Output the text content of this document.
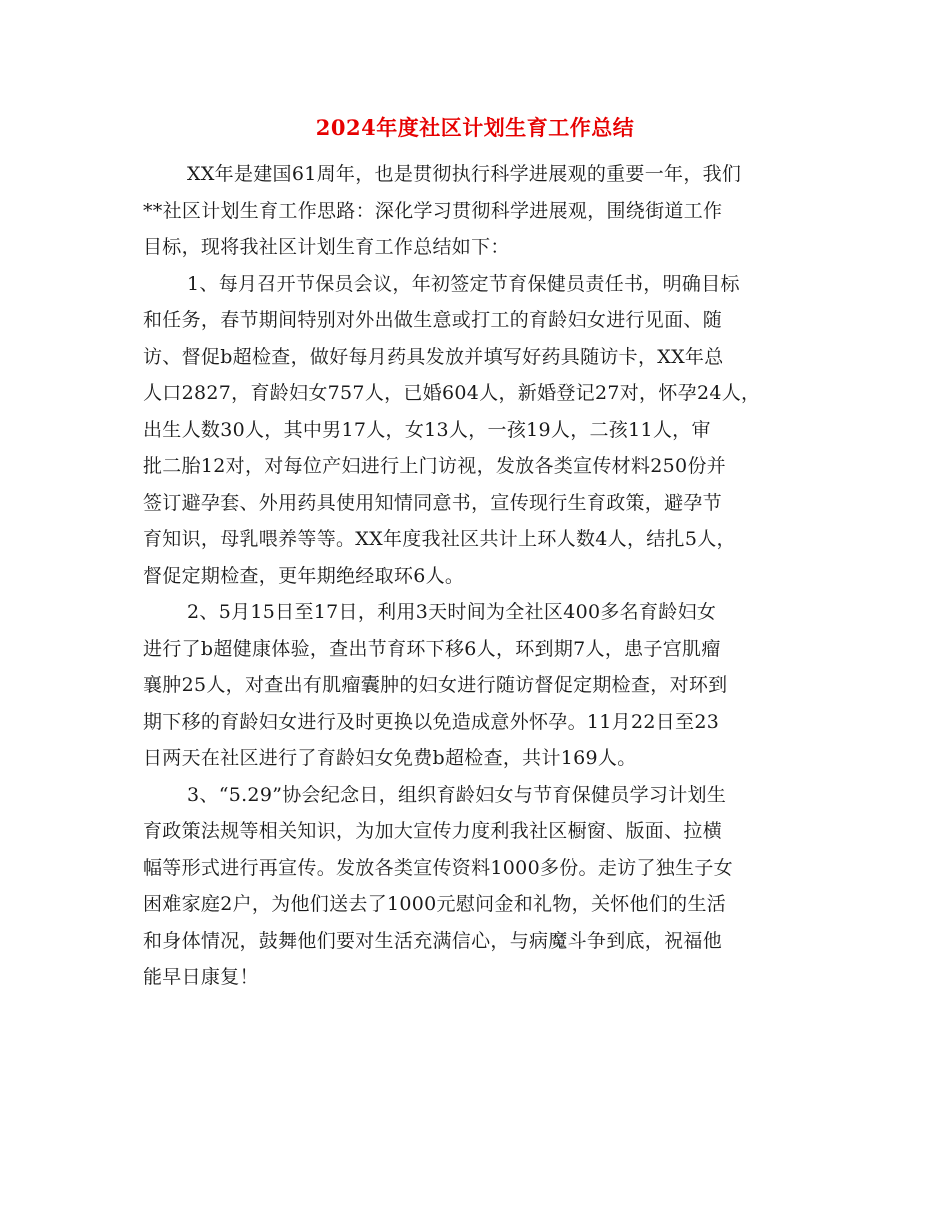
2024年度社区计划生育工作总结
XX年是建国61周年，也是贯彻执行科学进展观的重要一年，我们
**社区计划生育工作思路：深化学习贯彻科学进展观，围绕街道工作
目标，现将我社区计划生育工作总结如下：
1、每月召开节保员会议，年初签定节育保健员责任书，明确目标
和任务，春节期间特别对外出做生意或打工的育龄妇女进行见面、随
访、督促b超检查，做好每月药具发放并填写好药具随访卡，XX年总
人口2827，育龄妇女757人，已婚604人，新婚登记27对，怀孕24人，
出生人数30人，其中男17人，女13人，一孩19人，二孩11人，审
批二胎12对，对每位产妇进行上门访视，发放各类宣传材料250份并
签订避孕套、外用药具使用知情同意书，宣传现行生育政策，避孕节
育知识，母乳喂养等等。XX年度我社区共计上环人数4人，结扎5人，
督促定期检查，更年期绝经取环6人。
2、5月15日至17日，利用3天时间为全社区400多名育龄妇女
进行了b超健康体验，查出节育环下移6人，环到期7人，患子宫肌瘤
襄肿25人，对查出有肌瘤囊肿的妇女进行随访督促定期检查，对环到
期下移的育龄妇女进行及时更换以免造成意外怀孕。11月22日至23
日两天在社区进行了育龄妇女免费b超检查，共计169人。
3、“5.29”协会纪念日，组织育龄妇女与节育保健员学习计划生
育政策法规等相关知识，为加大宣传力度利我社区橱窗、版面、拉横
幅等形式进行再宣传。发放各类宣传资料1000多份。走访了独生子女
困难家庭2户，为他们送去了1000元慰问金和礼物，关怀他们的生活
和身体情况，鼓舞他们要对生活充满信心，与病魔斗争到底，祝福他
能早日康复！
